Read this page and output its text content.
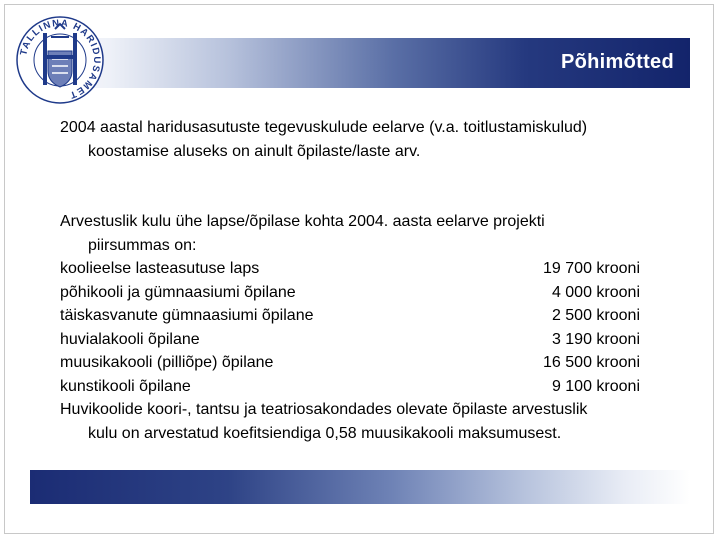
Põhimõtted
TALLINNA HARIDUSAMET
2004 aastal haridusasutuste tegevuskulude eelarve (v.a. toitlustamiskulud)
koostamise aluseks on ainult õpilaste/laste arv.
Arvestuslik kulu ühe lapse/õpilase kohta 2004. aasta eelarve projekti
piirsummas on:
koolieelse lasteasutuse laps	19 700 krooni
põhikooli ja gümnaasiumi õpilane	4 000 krooni
täiskasvanute gümnaasiumi õpilane	2 500 krooni
huvialakooli õpilane	3 190 krooni
muusikakooli (pilliõpe) õpilane	16 500 krooni
kunstikooli õpilane	9 100 krooni
Huvikoolide koori-, tantsu ja teatriosakondades olevate õpilaste arvestuslik
kulu on arvestatud koefitsiendiga 0,58 muusikakooli maksumusest.
